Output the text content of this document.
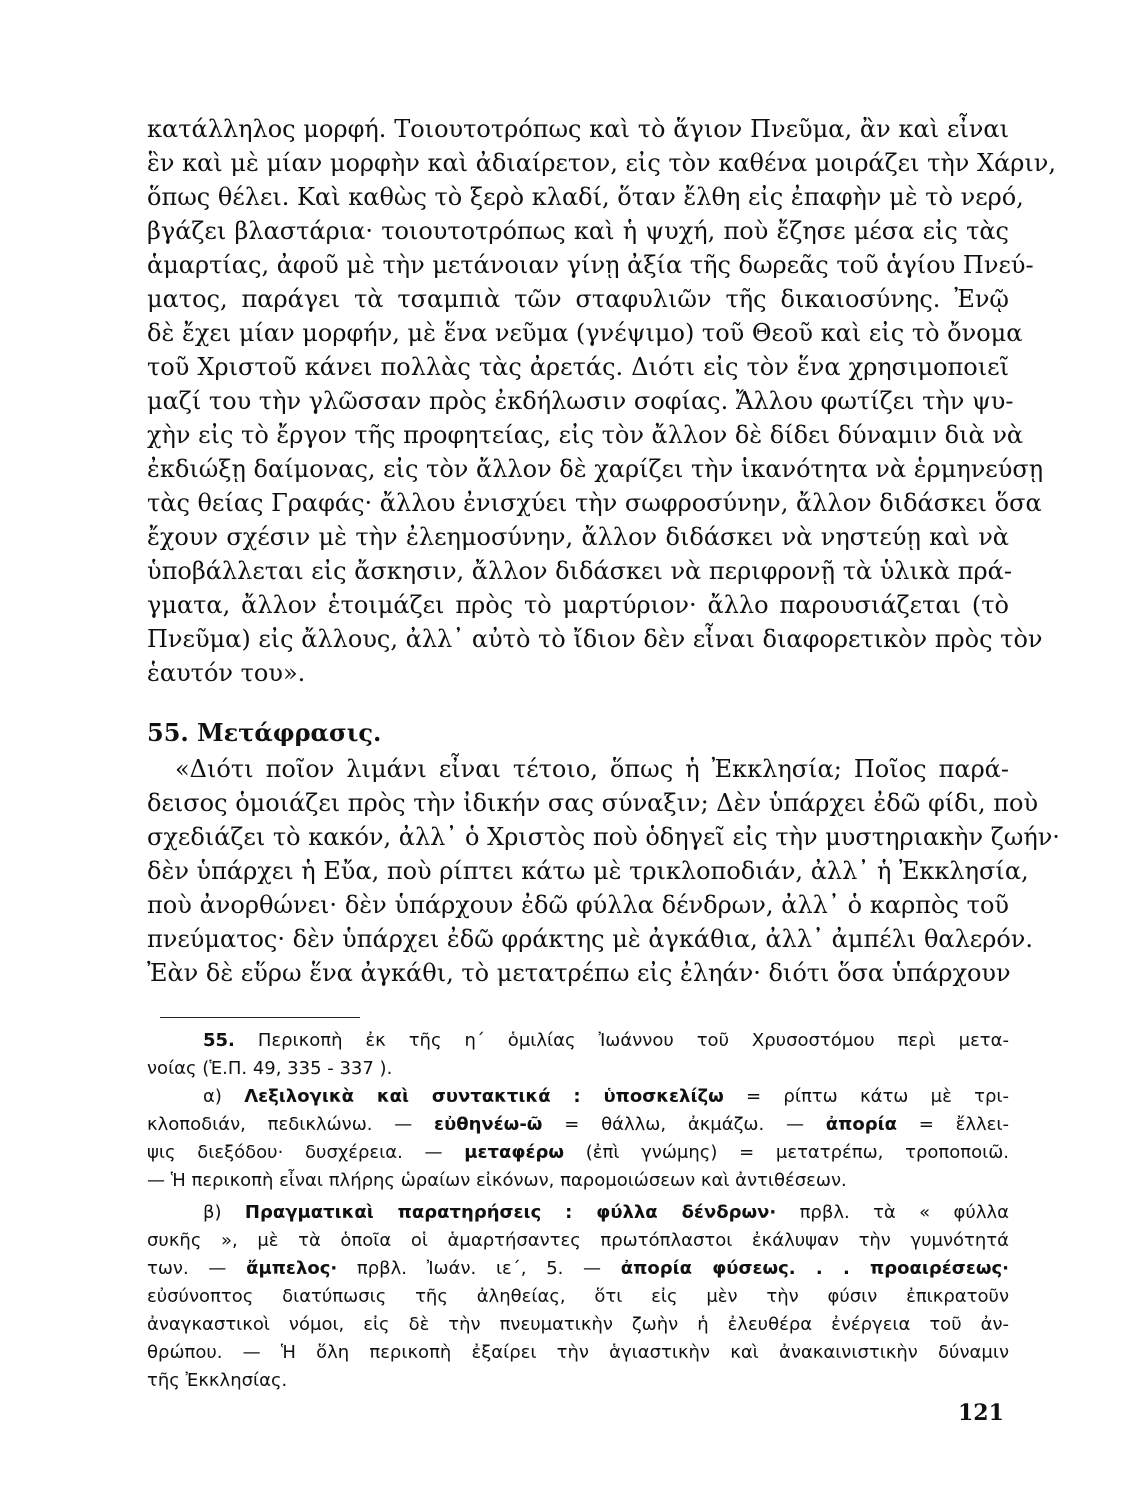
κατάλληλος μορφή. Τοιουτοτρόπως καὶ τὸ ἅγιον Πνεῦμα, ἂν καὶ εἶναι
ἓν καὶ μὲ μίαν μορφὴν καὶ ἀδιαίρετον, εἰς τὸν καθένα μοιράζει τὴν Χάριν,
ὅπως θέλει. Καὶ καθὼς τὸ ξερὸ κλαδί, ὅταν ἔλθη εἰς ἐπαφὴν μὲ τὸ νερό,
βγάζει βλαστάρια· τοιουτοτρόπως καὶ ἡ ψυχή, ποὺ ἔζησε μέσα εἰς τὰς
ἁμαρτίας, ἀφοῦ μὲ τὴν μετάνοιαν γίνῃ ἀξία τῆς δωρεᾶς τοῦ ἁγίου Πνεύ-
ματος, παράγει τὰ τσαμπιὰ τῶν σταφυλιῶν τῆς δικαιοσύνης. Ἐνῷ
δὲ ἔχει μίαν μορφήν, μὲ ἕνα νεῦμα (γνέψιμο) τοῦ Θεοῦ καὶ εἰς τὸ ὄνομα
τοῦ Χριστοῦ κάνει πολλὰς τὰς ἀρετάς. Διότι εἰς τὸν ἕνα χρησιμοποιεῖ
μαζί του τὴν γλῶσσαν πρὸς ἐκδήλωσιν σοφίας. Ἄλλου φωτίζει τὴν ψυ-
χὴν εἰς τὸ ἔργον τῆς προφητείας, εἰς τὸν ἄλλον δὲ δίδει δύναμιν διὰ νὰ
ἐκδιώξῃ δαίμονας, εἰς τὸν ἄλλον δὲ χαρίζει τὴν ἱκανότητα νὰ ἑρμηνεύσῃ
τὰς θείας Γραφάς· ἄλλου ἐνισχύει τὴν σωφροσύνην, ἄλλον διδάσκει ὅσα
ἔχουν σχέσιν μὲ τὴν ἐλεημοσύνην, ἄλλον διδάσκει νὰ νηστεύῃ καὶ νὰ
ὑποβάλλεται εἰς ἄσκησιν, ἄλλον διδάσκει νὰ περιφρονῇ τὰ ὑλικὰ πρά-
γματα, ἄλλον ἑτοιμάζει πρὸς τὸ μαρτύριον· ἄλλο παρουσιάζεται (τὸ
Πνεῦμα) εἰς ἄλλους, ἀλλ᾽ αὐτὸ τὸ ἴδιον δὲν εἶναι διαφορετικὸν πρὸς τὸν
ἑαυτόν του».
55. Μετάφρασις.
«Διότι ποῖον λιμάνι εἶναι τέτοιο, ὅπως ἡ Ἐκκλησία; Ποῖος παρά-
δεισος ὁμοιάζει πρὸς τὴν ἰδικήν σας σύναξιν; Δὲν ὑπάρχει ἐδῶ φίδι, ποὺ
σχεδιάζει τὸ κακόν, ἀλλ᾽ ὁ Χριστὸς ποὺ ὁδηγεῖ εἰς τὴν μυστηριακὴν ζωήν·
δὲν ὑπάρχει ἡ Εὔα, ποὺ ρίπτει κάτω μὲ τρικλοποδιάν, ἀλλ᾽ ἡ Ἐκκλησία,
ποὺ ἀνορθώνει· δὲν ὑπάρχουν ἐδῶ φύλλα δένδρων, ἀλλ᾽ ὁ καρπὸς τοῦ
πνεύματος· δὲν ὑπάρχει ἐδῶ φράκτης μὲ ἀγκάθια, ἀλλ᾽ ἀμπέλι θαλερόν.
Ἐὰν δὲ εὕρω ἕνα ἀγκάθι, τὸ μετατρέπω εἰς ἐληάν· διότι ὅσα ὑπάρχουν
55. Περικοπὴ ἐκ τῆς η´ ὁμιλίας Ἰωάννου τοῦ Χρυσοστόμου περὶ μετα-
νοίας (Ἑ.Π. 49, 335 - 337 ).
α) Λεξιλογικὰ καὶ συντακτικά : ὑποσκελίζω = ρίπτω κάτω μὲ τρι-
κλοποδιάν, πεδικλώνω. — εὐθηνέω-ῶ = θάλλω, ἀκμάζω. — ἀπορία = ἔλλει-
ψις διεξόδου· δυσχέρεια. — μεταφέρω (ἐπὶ γνώμης) = μετατρέπω, τροποποιῶ.
— Ἡ περικοπὴ εἶναι πλήρης ὡραίων εἰκόνων, παρομοιώσεων καὶ ἀντιθέσεων.
β) Πραγματικαὶ παρατηρήσεις : φύλλα δένδρων· πρβλ. τὰ « φύλλα
συκῆς », μὲ τὰ ὁποῖα οἱ ἁμαρτήσαντες πρωτόπλαστοι ἐκάλυψαν τὴν γυμνότητά
των. — ἄμπελος· πρβλ. Ἰωάν. ιε´, 5. — ἀπορία φύσεως. . . προαιρέσεως·
εὐσύνοπτος διατύπωσις τῆς ἀληθείας, ὅτι εἰς μὲν τὴν φύσιν ἐπικρατοῦν
ἀναγκαστικοὶ νόμοι, εἰς δὲ τὴν πνευματικὴν ζωὴν ἡ ἐλευθέρα ἐνέργεια τοῦ ἀν-
θρώπου. — Ἡ ὅλη περικοπὴ ἐξαίρει τὴν ἁγιαστικὴν καὶ ἀνακαινιστικὴν δύναμιν
τῆς Ἐκκλησίας.
121
